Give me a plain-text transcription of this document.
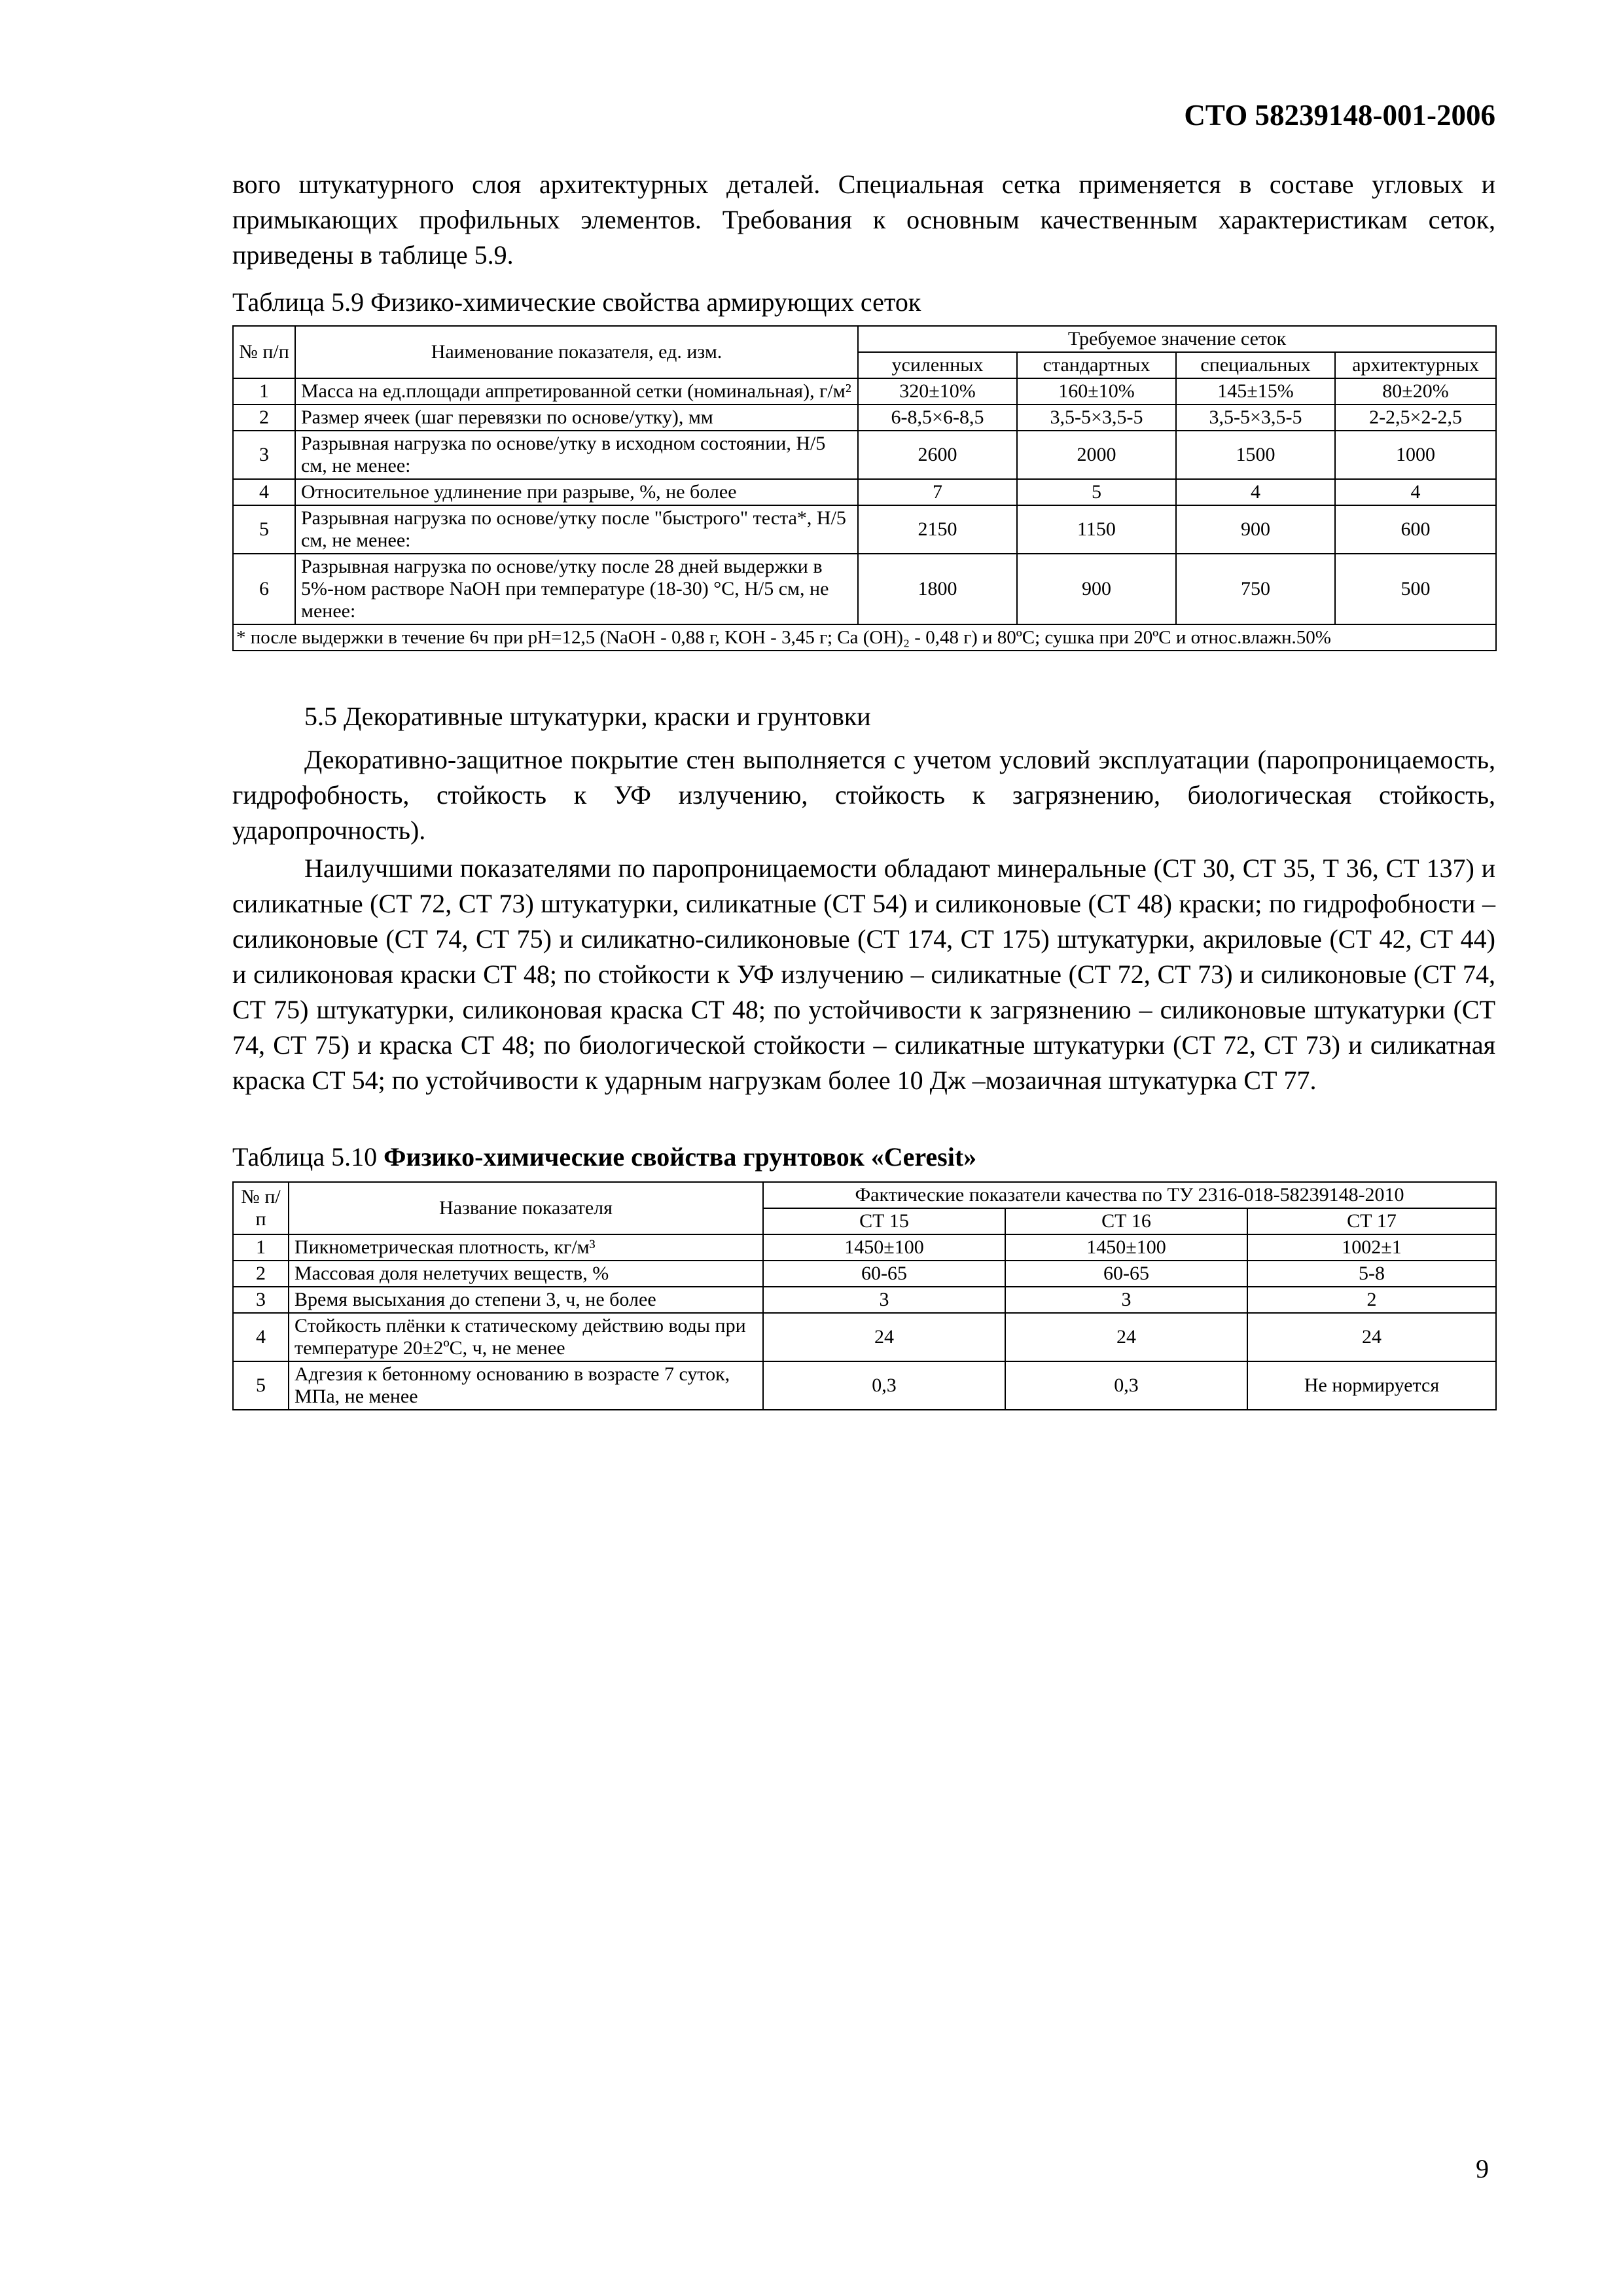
СТО 58239148-001-2006

вого штукатурного слоя архитектурных деталей. Специальная сетка применяется в составе угловых и примыкающих профильных элементов. Требования к основным качественным характеристикам сеток, приведены в таблице 5.9.

Таблица 5.9 Физико-химические свойства армирующих сеток

№ п/п	Наименование показателя, ед. изм.	Требуемое значение сеток			
		усиленных	стандартных	специальных	архитектурных
1	Масса на ед.площади аппретированной сетки (номинальная), г/м²	320±10%	160±10%	145±15%	80±20%
2	Размер ячеек (шаг перевязки по основе/утку), мм	6-8,5×6-8,5	3,5-5×3,5-5	3,5-5×3,5-5	2-2,5×2-2,5
3	Разрывная нагрузка по основе/утку в исходном состоянии, Н/5 см, не менее:	2600	2000	1500	1000
4	Относительное удлинение при разрыве, %, не более	7	5	4	4
5	Разрывная нагрузка по основе/утку после "быстрого" теста*, Н/5 см, не менее:	2150	1150	900	600
6	Разрывная нагрузка по основе/утку после 28 дней выдержки в 5%-ном растворе NaOH при температуре (18-30) °С, Н/5 см, не менее:	1800	900	750	500
* после выдержки в течение 6ч при pH=12,5 (NaOH - 0,88 г, KOH - 3,45 г; Ca (OH)₂ - 0,48 г) и 80ºС; сушка при 20ºС и относ.влажн.50%					

5.5 Декоративные штукатурки, краски и грунтовки

Декоративно-защитное покрытие стен выполняется с учетом условий эксплуатации (паропроницаемость, гидрофобность, стойкость к УФ излучению, стойкость к загрязнению, биологическая стойкость, ударопрочность).

Наилучшими показателями по паропроницаемости обладают минеральные (СТ 30, СТ 35, Т 36, СТ 137) и силикатные (СТ 72, СТ 73) штукатурки, силикатные (СТ 54) и силиконовые (СТ 48) краски; по гидрофобности – силиконовые (СТ 74, СТ 75) и силикатно-силиконовые (СТ 174, СТ 175) штукатурки, акриловые (СТ 42, СТ 44) и силиконовая краски СТ 48; по стойкости к УФ излучению – силикатные (СТ 72, СТ 73) и силиконовые (СТ 74, СТ 75) штукатурки, силиконовая краска СТ 48; по устойчивости к загрязнению – силиконовые штукатурки (СТ 74, СТ 75) и краска СТ 48; по биологической стойкости – силикатные штукатурки (СТ 72, СТ 73) и силикатная краска СТ 54; по устойчивости к ударным нагрузкам более 10 Дж –мозаичная штукатурка СТ 77.

Таблица 5.10 Физико-химические свойства грунтовок «Ceresit»

№ п/п	Название показателя	Фактические показатели качества по ТУ 2316-018-58239148-2010		
		СТ 15	СТ 16	СТ 17
1	Пикнометрическая плотность, кг/м³	1450±100	1450±100	1002±1
2	Массовая доля нелетучих веществ, %	60-65	60-65	5-8
3	Время высыхания до степени 3, ч, не более	3	3	2
4	Стойкость плёнки к статическому действию воды при температуре 20±2ºС, ч, не менее	24	24	24
5	Адгезия к бетонному основанию в возрасте 7 суток, МПа, не менее	0,3	0,3	Не нормируется
9
